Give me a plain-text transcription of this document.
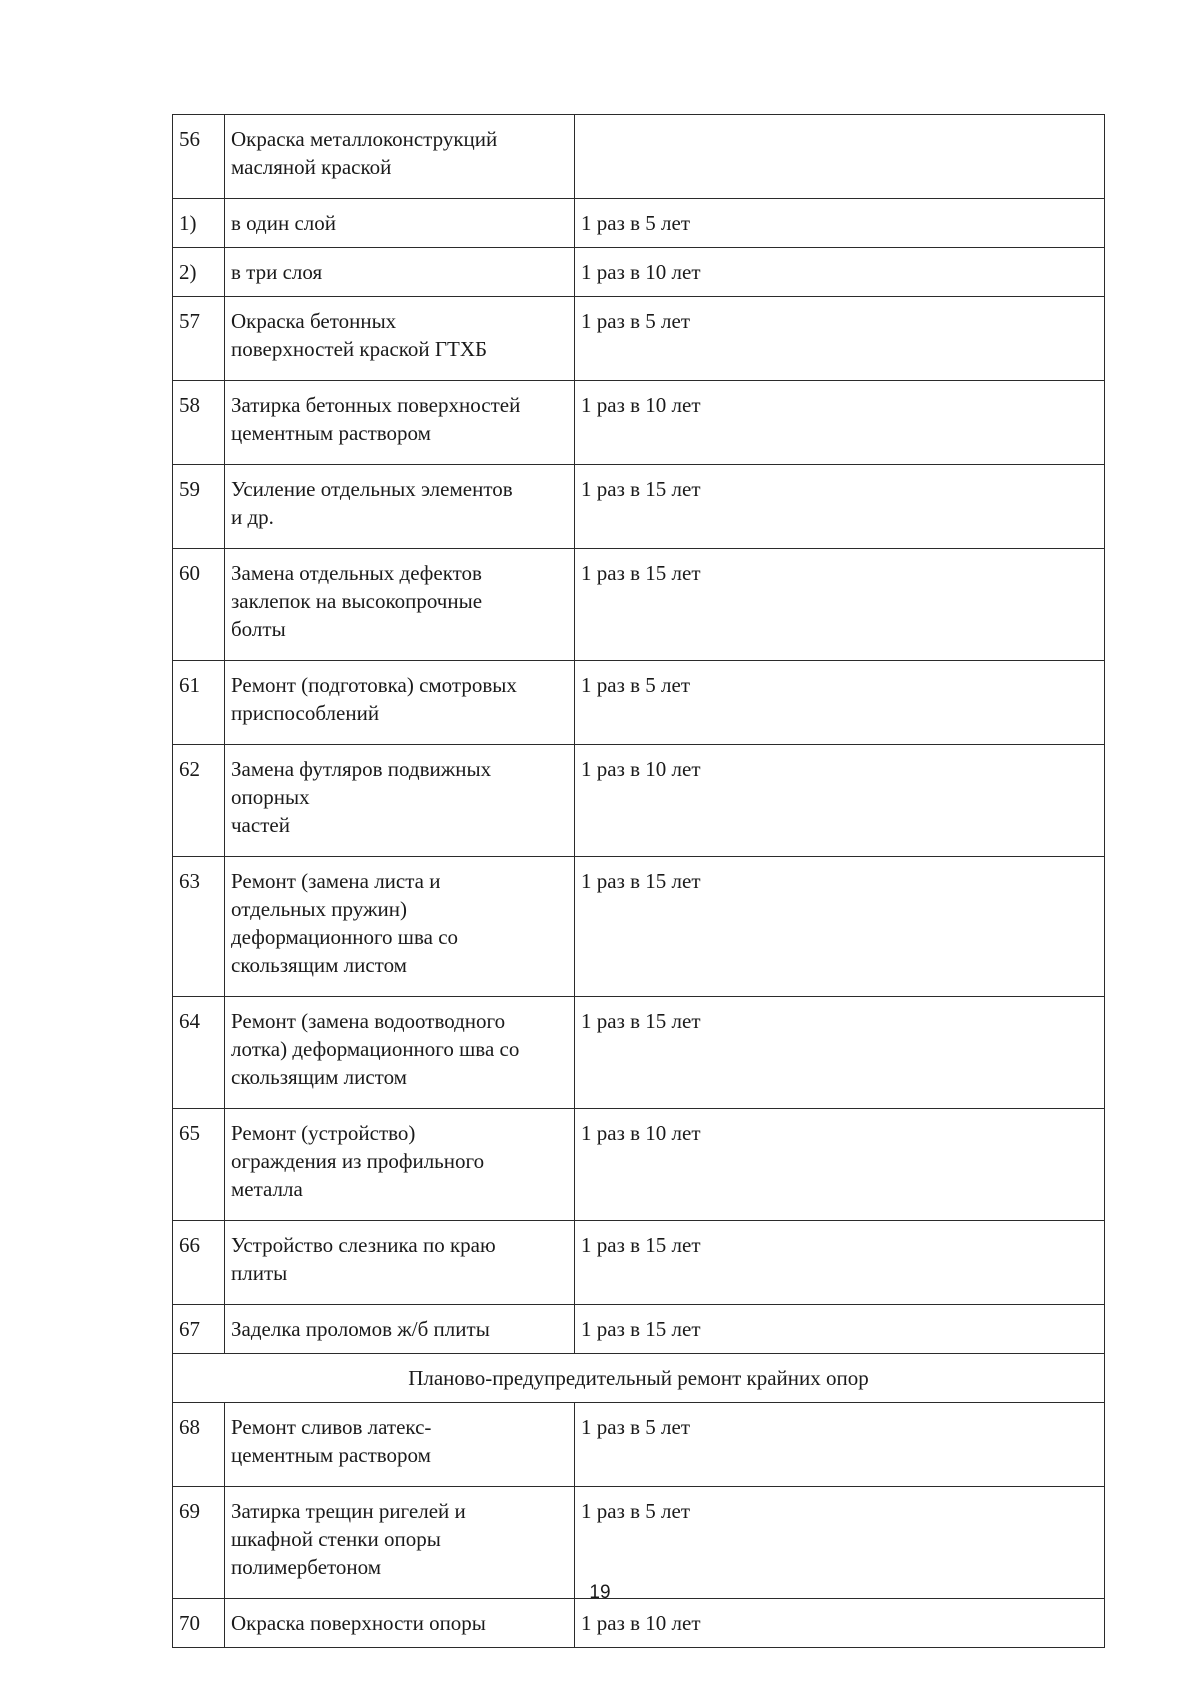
56	Окраска металлоконструкций
масляной краской	

1)	в один слой	1 раз в 5 лет
2)	в три слоя	1 раз в 10 лет
57	Окраска бетонных
поверхностей краской ГТХБ	1 раз в 5 лет
58	Затирка бетонных поверхностей
цементным раствором	1 раз в 10 лет
59	Усиление отдельных элементов
и др.	1 раз в 15 лет
60	Замена отдельных дефектов
заклепок на высокопрочные
болты	1 раз в 15 лет
61	Ремонт (подготовка) смотровых
приспособлений	1 раз в 5 лет
62	Замена футляров подвижных
опорных
частей	1 раз в 10 лет
63	Ремонт (замена листа и
отдельных пружин)
деформационного шва со
скользящим листом	1 раз в 15 лет
64	Ремонт (замена водоотводного
лотка) деформационного шва со
скользящим листом	1 раз в 15 лет
65	Ремонт (устройство)
ограждения из профильного
металла	1 раз в 10 лет
66	Устройство слезника по краю
плиты	1 раз в 15 лет
67	Заделка проломов ж/б плиты	1 раз в 15 лет
Планово-предупредительный ремонт крайних опор		
68	Ремонт сливов латекс-
цементным раствором	1 раз в 5 лет
69	Затирка трещин ригелей и
шкафной стенки опоры
полимербетоном	1 раз в 5 лет
70	Окраска поверхности опоры	1 раз в 10 лет
19
